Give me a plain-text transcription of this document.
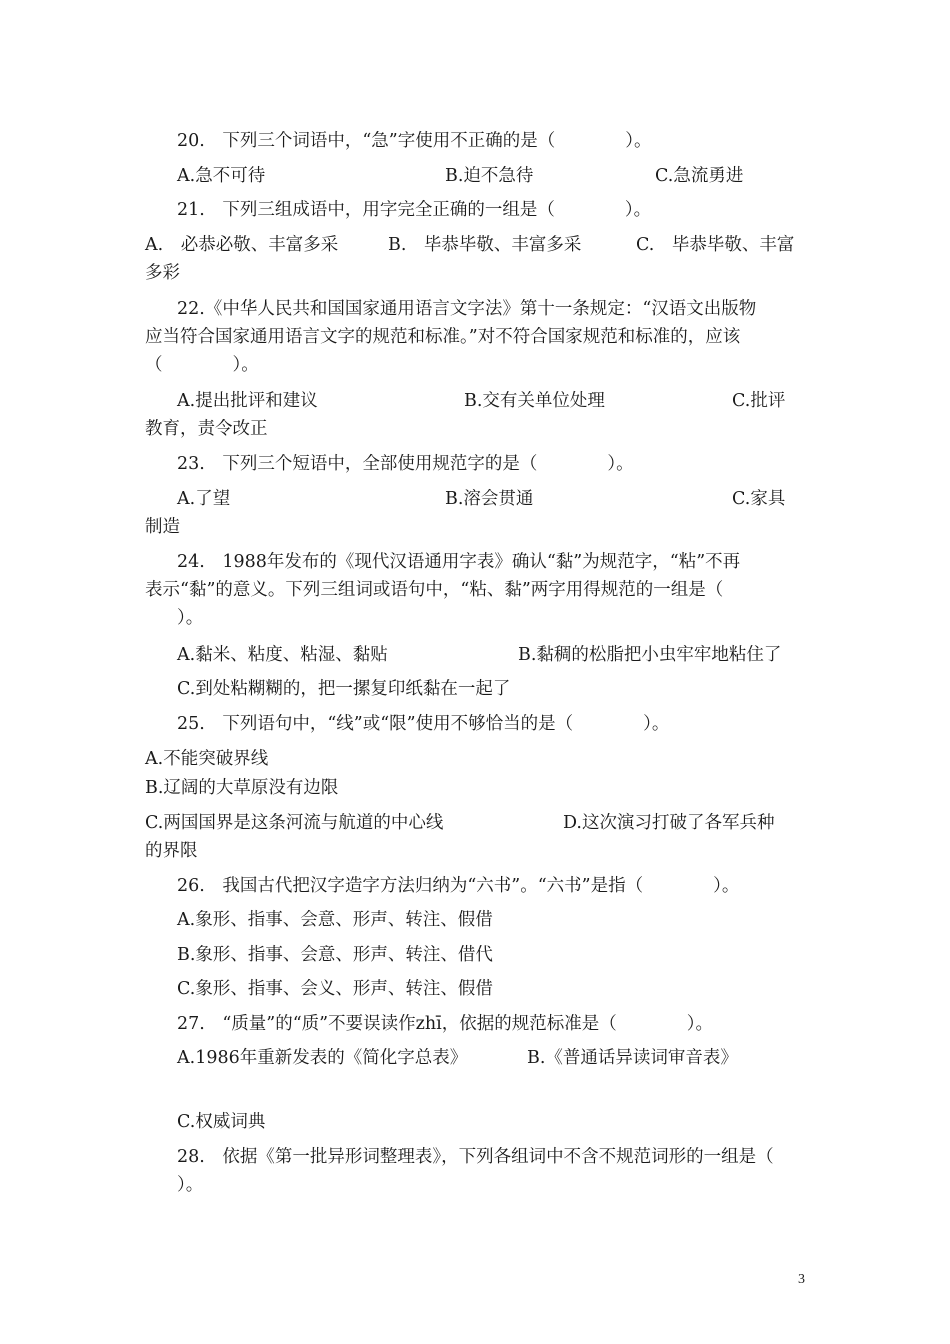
20.　下列三个词语中，“急”字使用不正确的是（　　　　）。
A.急不可待	B.迫不急待	C.急流勇进
21.　下列三组成语中，用字完全正确的一组是（　　　　）。
A.　必恭必敬、丰富多采	B.　毕恭毕敬、丰富多采	C.　毕恭毕敬、丰富
多彩
22.《中华人民共和国国家通用语言文字法》第十一条规定：“汉语文出版物
应当符合国家通用语言文字的规范和标准。”对不符合国家规范和标准的，应该
（　　　　）。
A.提出批评和建议	B.交有关单位处理	C.批评
教育，责令改正
23.　下列三个短语中，全部使用规范字的是（　　　　）。
A.了望	B.溶会贯通	C.家具
制造
24.　1988年发布的《现代汉语通用字表》确认“黏”为规范字，“粘”不再
表示“黏”的意义。下列三组词或语句中，“粘、黏”两字用得规范的一组是（
）。
A.黏米、粘度、粘湿、黏贴	B.黏稠的松脂把小虫牢牢地粘住了
C.到处粘糊糊的，把一摞复印纸黏在一起了
25.　下列语句中，“线”或“限”使用不够恰当的是（　　　　）。
A.不能突破界线
B.辽阔的大草原没有边限
C.两国国界是这条河流与航道的中心线	D.这次演习打破了各军兵种
的界限
26.　我国古代把汉字造字方法归纳为“六书”。“六书”是指（　　　　）。
A.象形、指事、会意、形声、转注、假借
B.象形、指事、会意、形声、转注、借代
C.象形、指事、会义、形声、转注、假借
27.　“质量”的“质”不要误读作zhī，依据的规范标准是（　　　　）。
A.1986年重新发表的《简化字总表》	B.《普通话异读词审音表》
C.权威词典
28.　依据《第一批异形词整理表》，下列各组词中不含不规范词形的一组是（
）。
3
